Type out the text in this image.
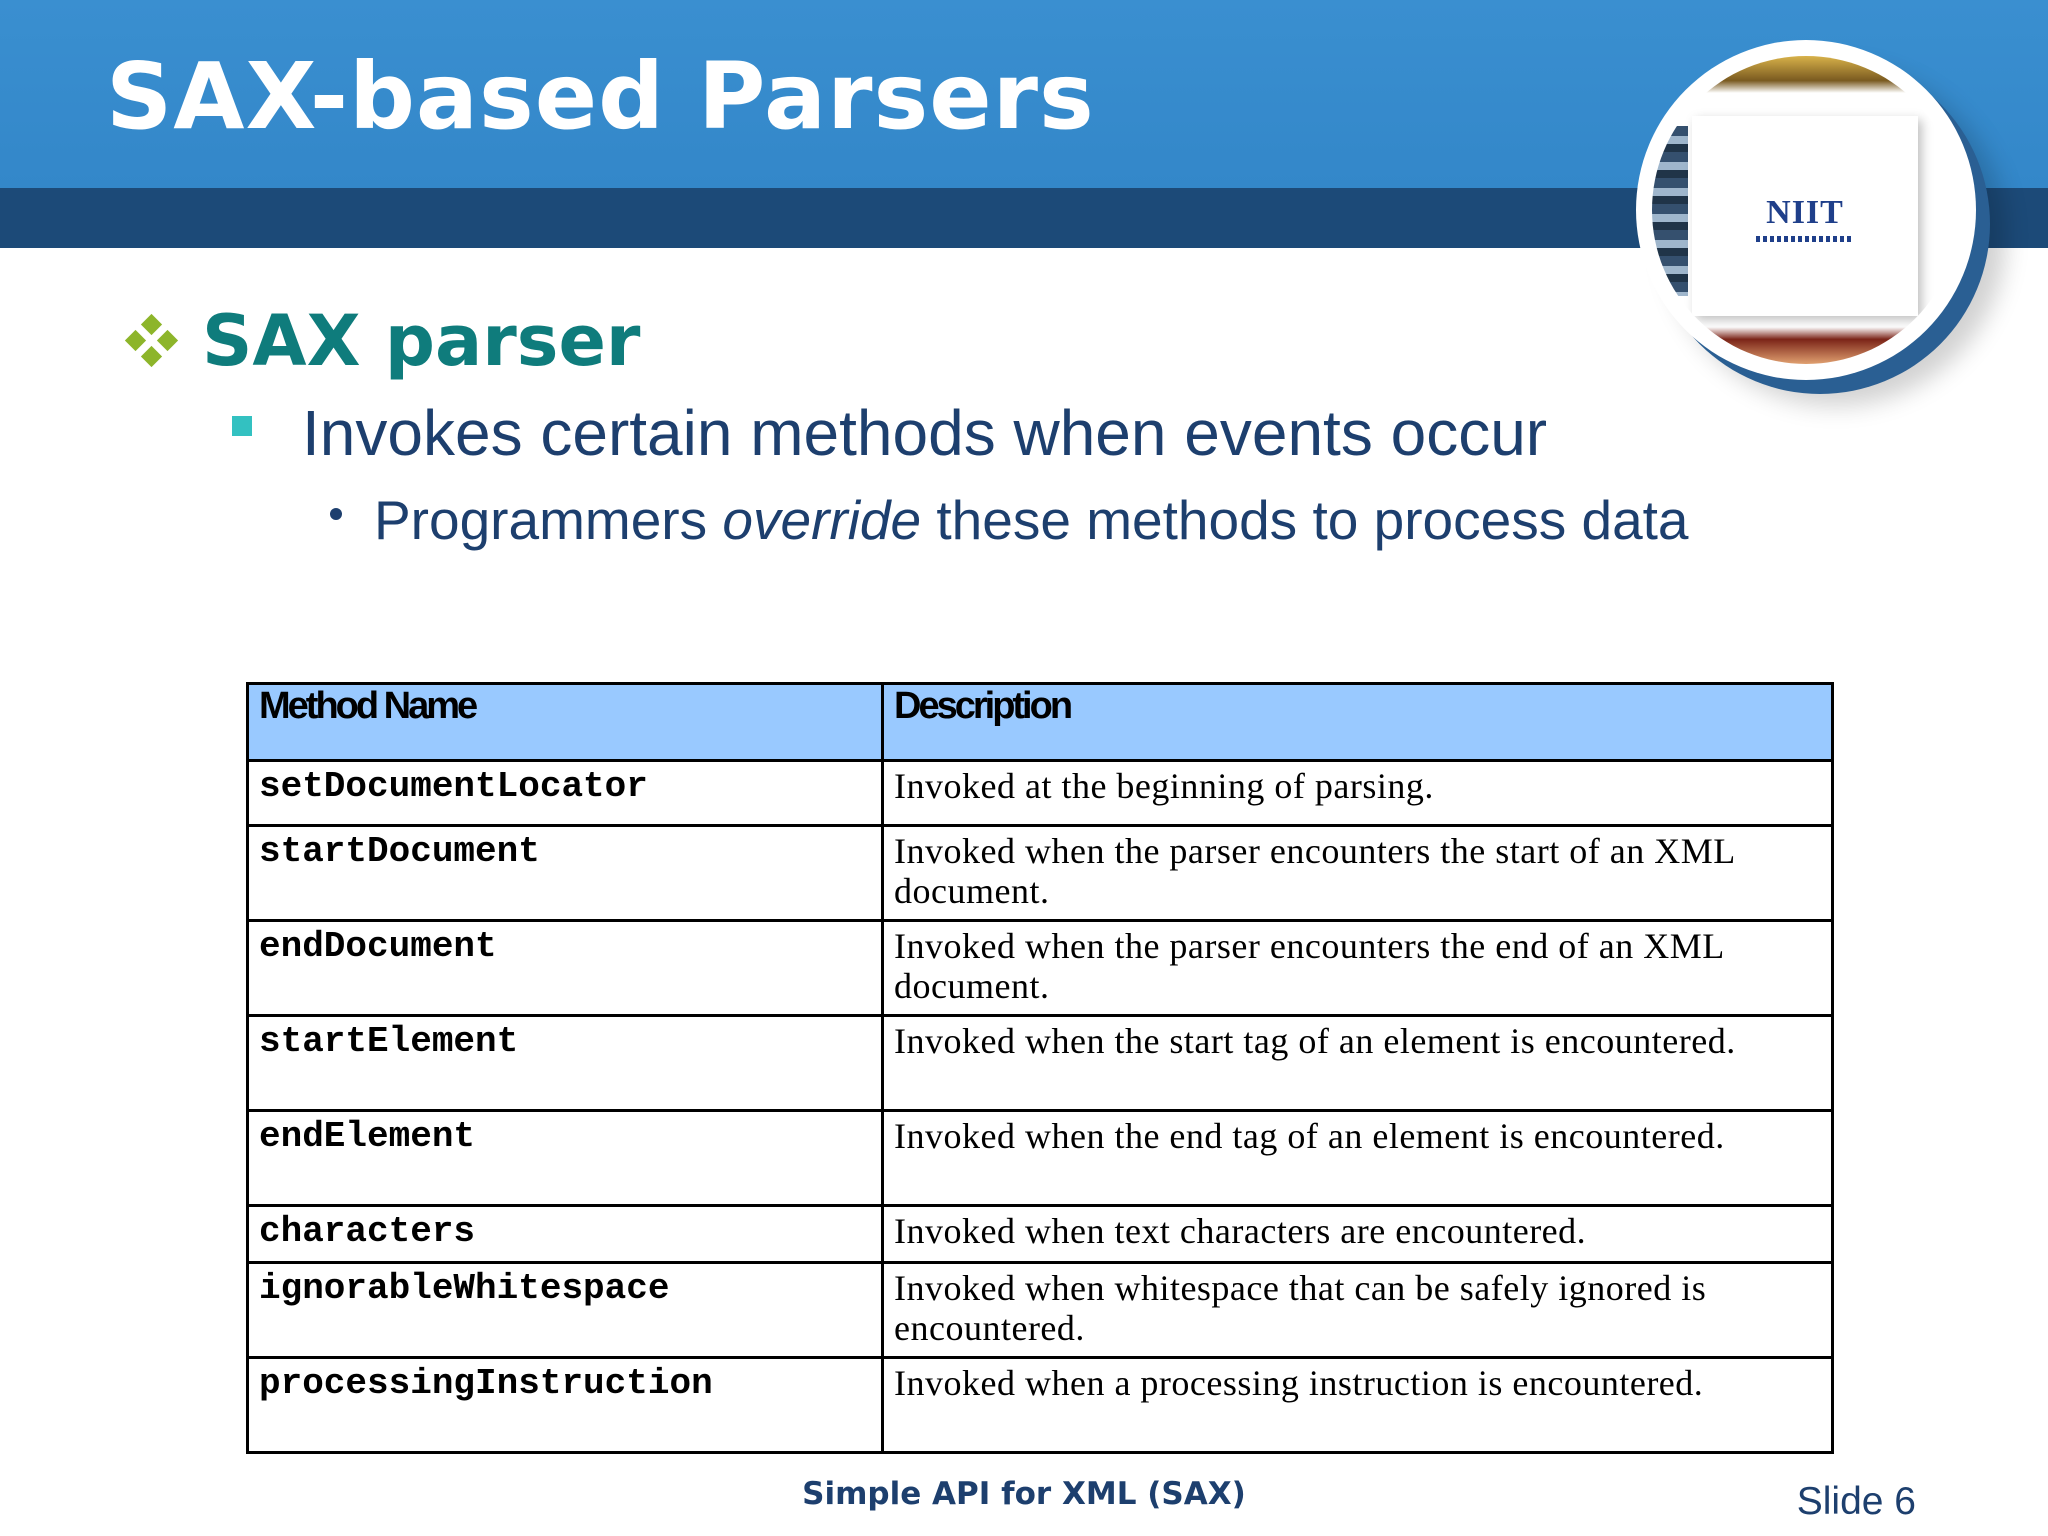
SAX-based Parsers
NIIT
SAX parser
Invokes certain methods when events occur
Programmers override these methods to process data
Method Name	Description
setDocumentLocator	Invoked at the beginning of parsing.
startDocument	Invoked when the parser encounters the start of an XML document.
endDocument	Invoked when the parser encounters the end of an XML document.
startElement	Invoked when the start tag of an element is encountered.
endElement	Invoked when the end tag of an element is encountered.
characters	Invoked when text characters are encountered.
ignorableWhitespace	Invoked when whitespace that can be safely ignored is encountered.
processingInstruction	Invoked when a processing instruction is encountered.
Simple API for XML (SAX)	Slide 6
